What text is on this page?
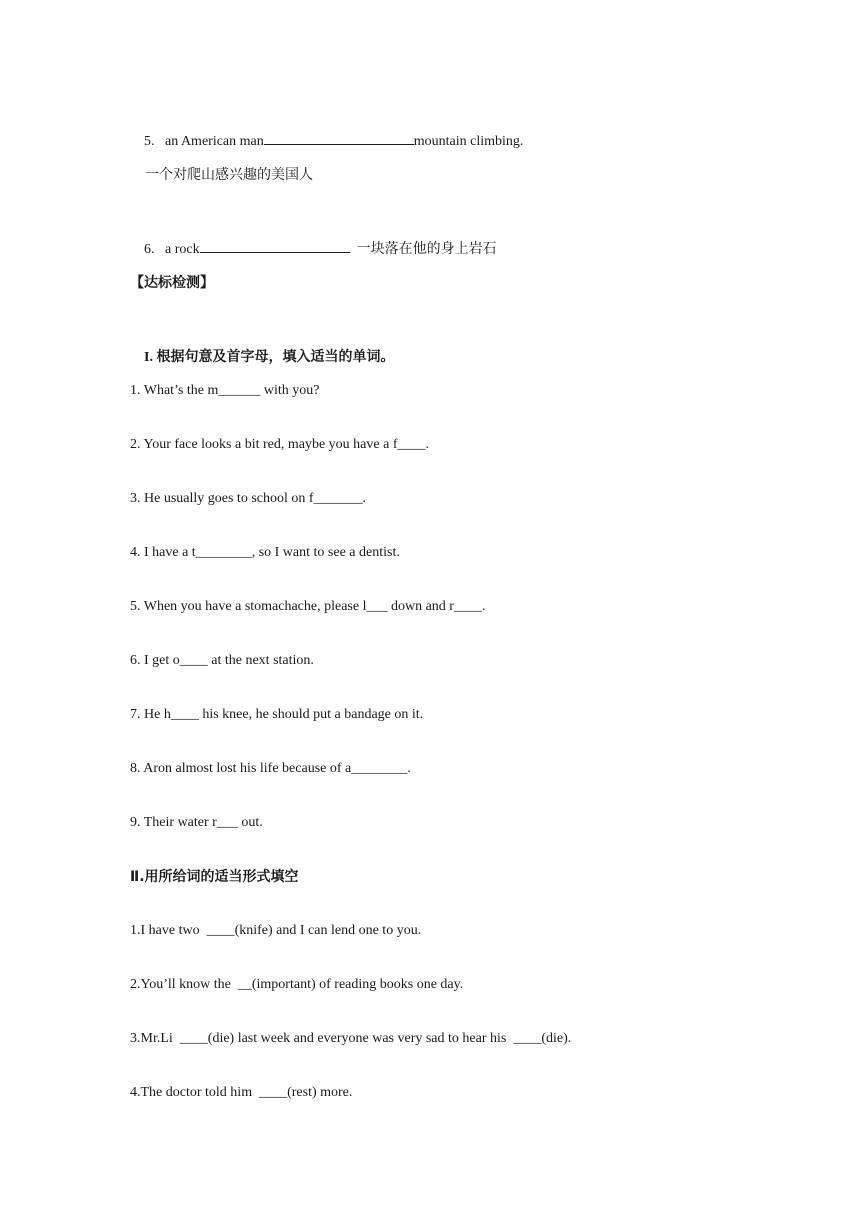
5. an American man	mountain climbing.

一个对爬山感兴趣的美国人

6. a rock	一块落在他的身上岩石

【达标检测】

I. 根据句意及首字母，填入适当的单词。

1. What’s the m______ with you?
2. Your face looks a bit red, maybe you have a f____.
3. He usually goes to school on f_______.
4. I have a t________, so I want to see a dentist.
5. When you have a stomachache, please l___ down and r____.
6. I get o____ at the next station.
7. He h____ his knee, he should put a bandage on it.
8. Aron almost lost his life because of a________.
9. Their water r___ out.
Ⅱ.用所给词的适当形式填空
1.I have two  ____(knife) and I can lend one to you.
2.You’ll know the  __(important) of reading books one day.
3.Mr.Li  ____(die) last week and everyone was very sad to hear his  ____(die).
4.The doctor told him  ____(rest) more.
